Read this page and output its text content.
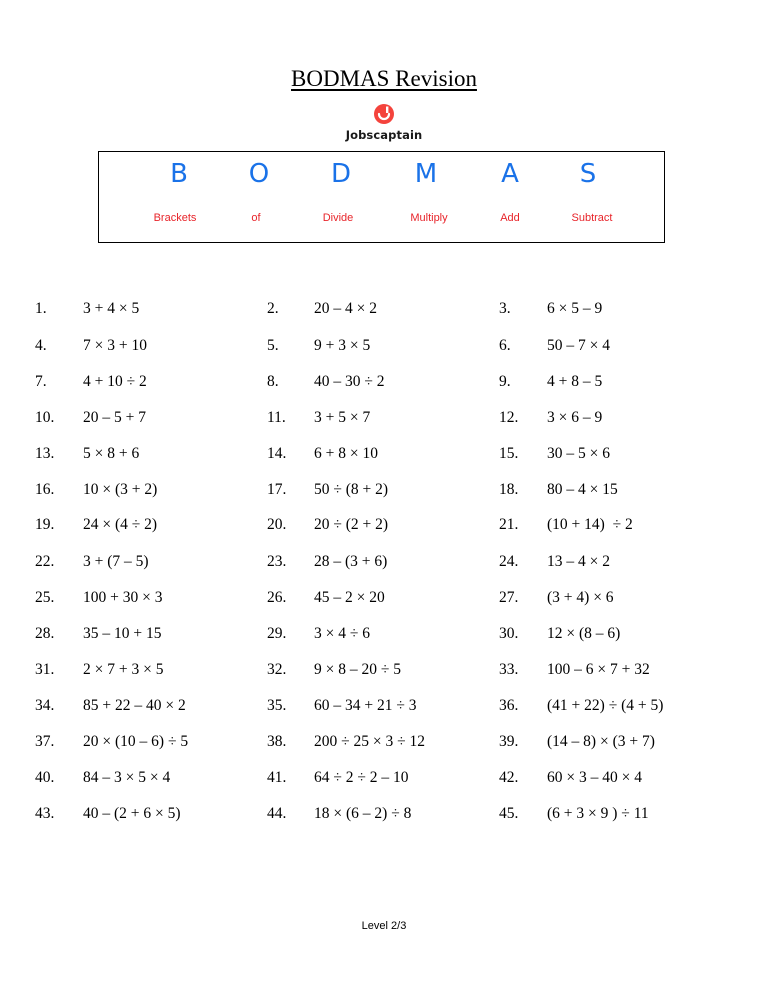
BODMAS Revision
Jobscaptain
B
Brackets
O
of
D
Divide
M
Multiply
A
Add
S
Subtract
1. 3 + 4 × 5	2. 20 – 4 × 2	3. 6 × 5 – 9
4. 7 × 3 + 10	5. 9 + 3 × 5	6. 50 – 7 × 4
7. 4 + 10 ÷ 2	8. 40 – 30 ÷ 2	9. 4 + 8 – 5
10. 20 – 5 + 7	11. 3 + 5 × 7	12. 3 × 6 – 9
13. 5 × 8 + 6	14. 6 + 8 × 10	15. 30 – 5 × 6
16. 10 × (3 + 2)	17. 50 ÷ (8 + 2)	18. 80 – 4 × 15
19. 24 × (4 ÷ 2)	20. 20 ÷ (2 + 2)	21. (10 + 14)  ÷ 2
22. 3 + (7 – 5)	23. 28 – (3 + 6)	24. 13 – 4 × 2
25. 100 + 30 × 3	26. 45 – 2 × 20	27. (3 + 4) × 6
28. 35 – 10 + 15	29. 3 × 4 ÷ 6	30. 12 × (8 – 6)
31. 2 × 7 + 3 × 5	32. 9 × 8 – 20 ÷ 5	33. 100 – 6 × 7 + 32
34. 85 + 22 – 40 × 2	35. 60 – 34 + 21 ÷ 3	36. (41 + 22) ÷ (4 + 5)
37. 20 × (10 – 6) ÷ 5	38. 200 ÷ 25 × 3 ÷ 12	39. (14 – 8) × (3 + 7)
40. 84 – 3 × 5 × 4	41. 64 ÷ 2 ÷ 2 – 10	42. 60 × 3 – 40 × 4
43. 40 – (2 + 6 × 5)	44. 18 × (6 – 2) ÷ 8	45. (6 + 3 × 9 ) ÷ 11
Level 2/3
